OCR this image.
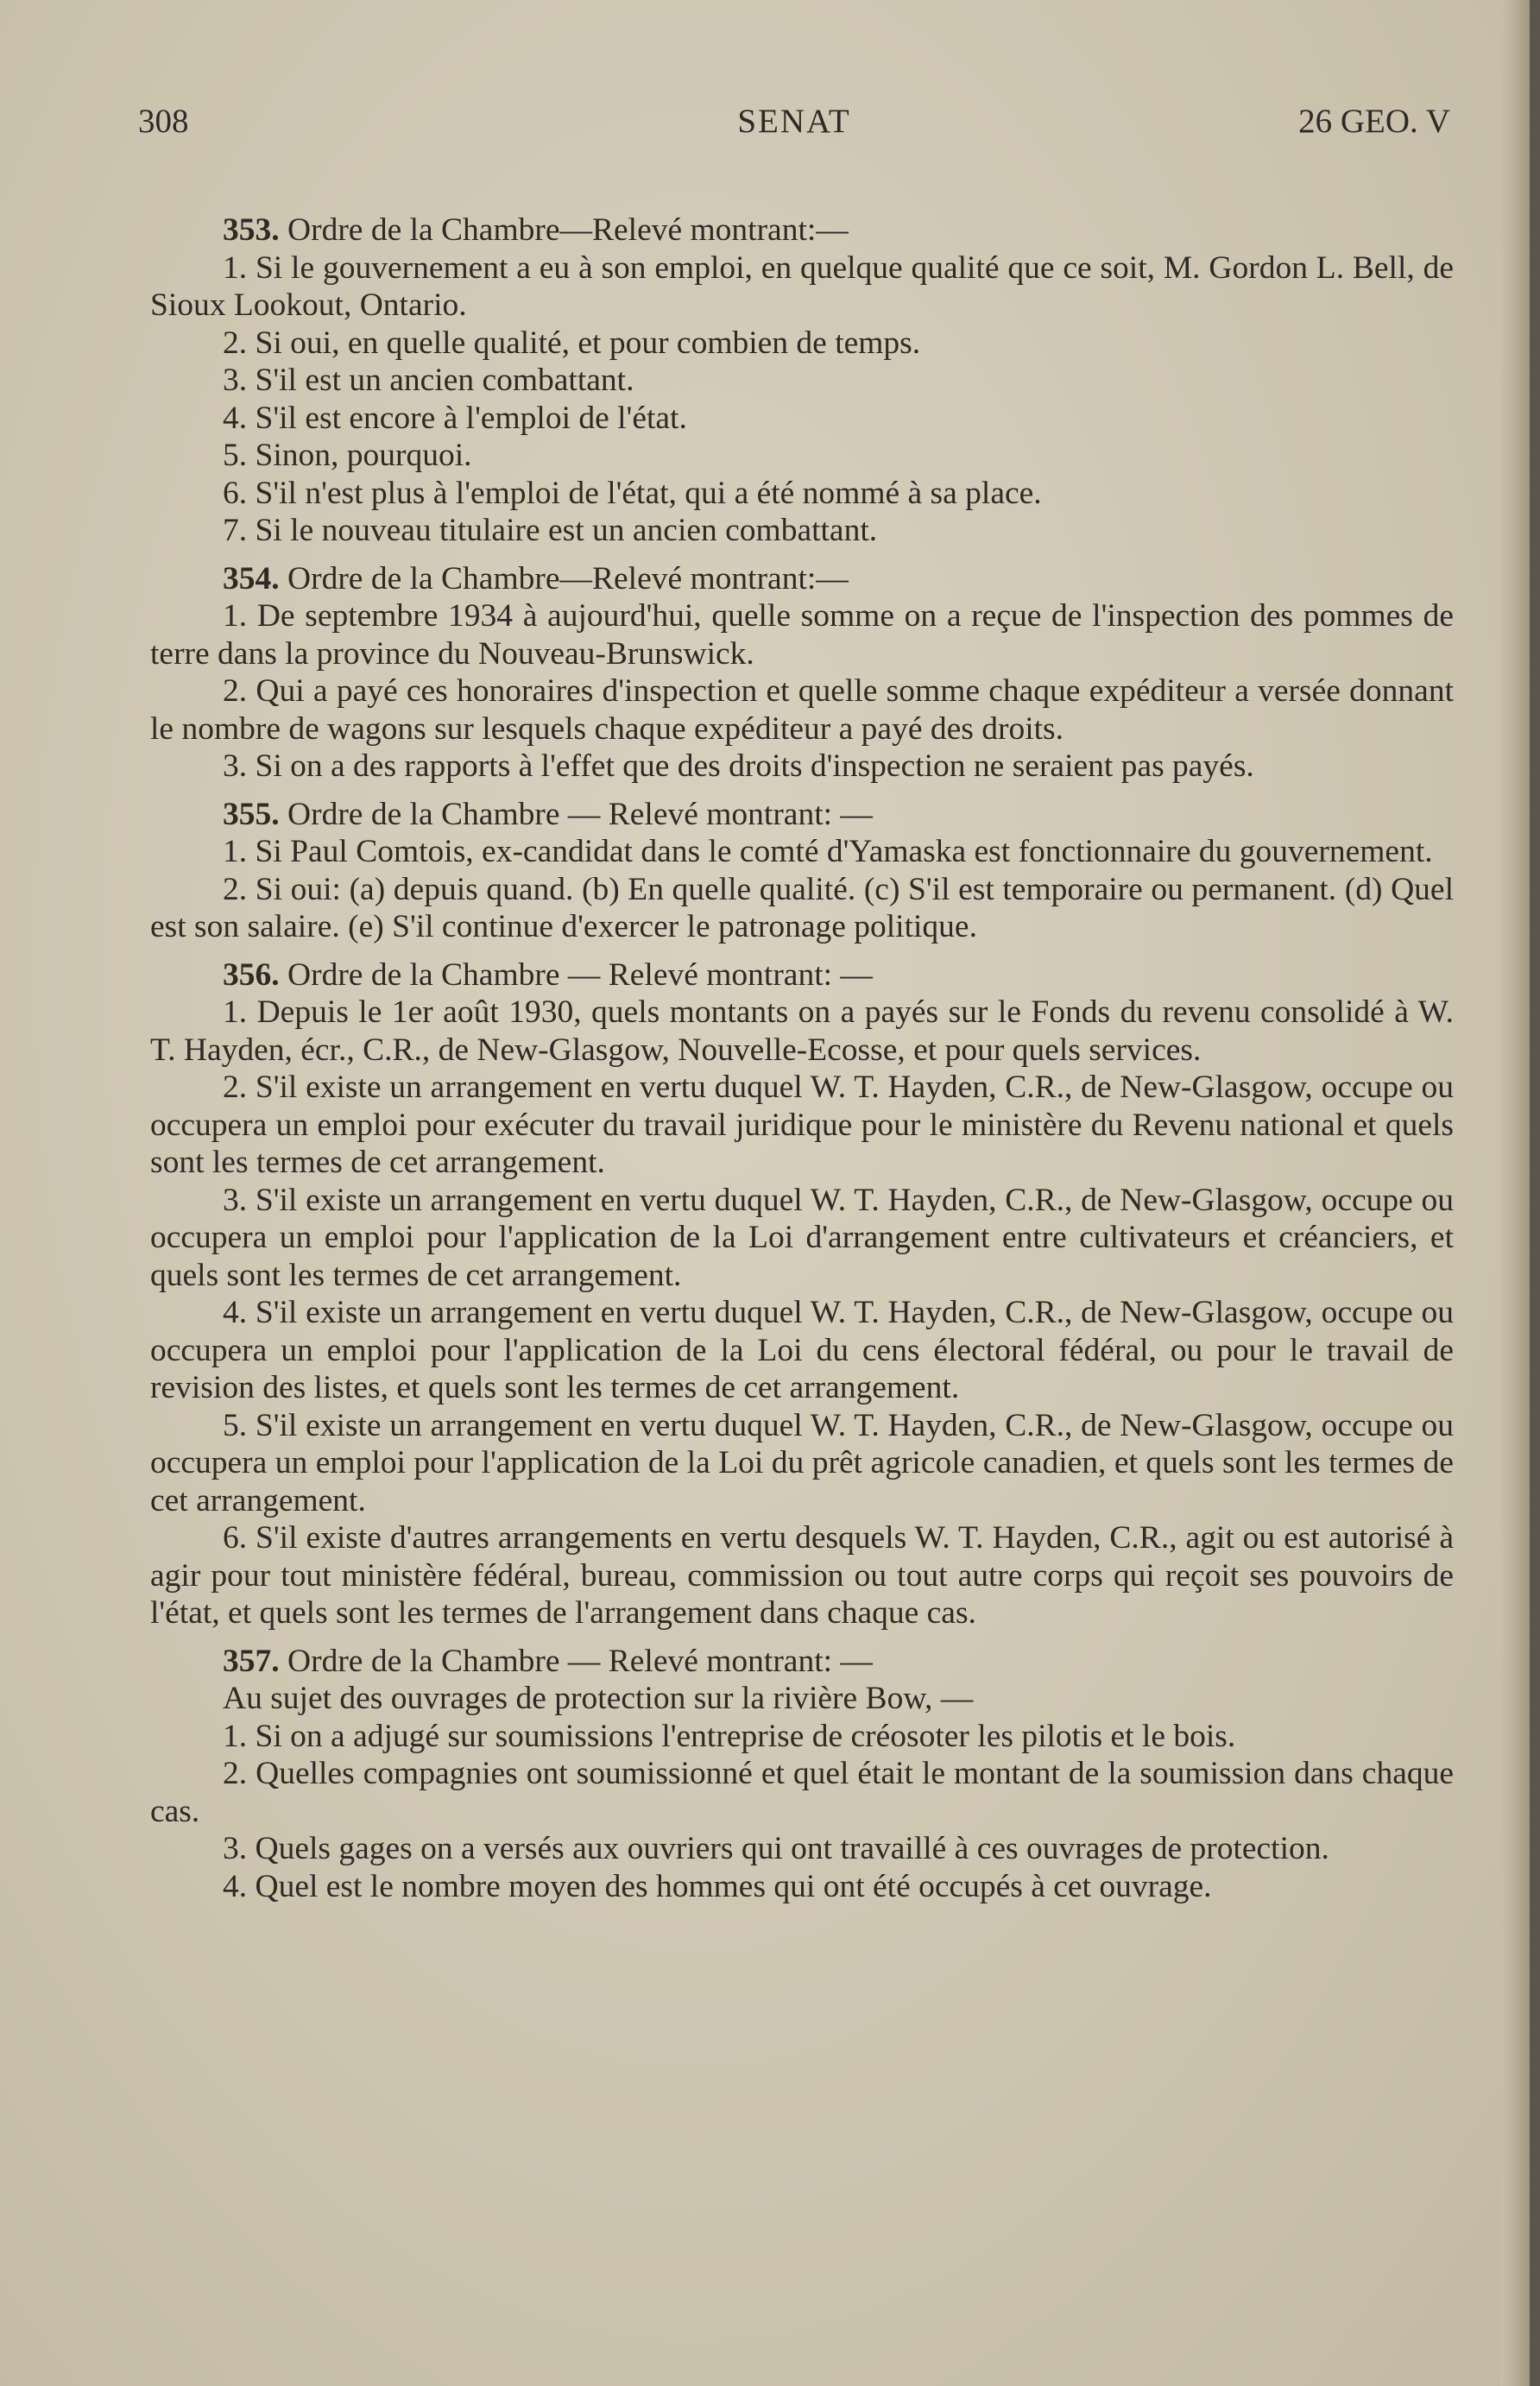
308	SENAT	26 GEO. V

353. Ordre de la Chambre—Relevé montrant:—

1. Si le gouvernement a eu à son emploi, en quelque qualité que ce soit, M. Gordon L. Bell, de Sioux Lookout, Ontario.

2. Si oui, en quelle qualité, et pour combien de temps.

3. S'il est un ancien combattant.

4. S'il est encore à l'emploi de l'état.

5. Sinon, pourquoi.

6. S'il n'est plus à l'emploi de l'état, qui a été nommé à sa place.

7. Si le nouveau titulaire est un ancien combattant.

354. Ordre de la Chambre—Relevé montrant:—

1. De septembre 1934 à aujourd'hui, quelle somme on a reçue de l'inspection des pommes de terre dans la province du Nouveau-Brunswick.

2. Qui a payé ces honoraires d'inspection et quelle somme chaque expéditeur a versée donnant le nombre de wagons sur lesquels chaque expéditeur a payé des droits.

3. Si on a des rapports à l'effet que des droits d'inspection ne seraient pas payés.

355. Ordre de la Chambre — Relevé montrant: —

1. Si Paul Comtois, ex-candidat dans le comté d'Yamaska est fonctionnaire du gouvernement.

2. Si oui: (a) depuis quand. (b) En quelle qualité. (c) S'il est temporaire ou permanent. (d) Quel est son salaire. (e) S'il continue d'exercer le patronage politique.

356. Ordre de la Chambre — Relevé montrant: —

1. Depuis le 1er août 1930, quels montants on a payés sur le Fonds du revenu consolidé à W. T. Hayden, écr., C.R., de New-Glasgow, Nouvelle-Ecosse, et pour quels services.

2. S'il existe un arrangement en vertu duquel W. T. Hayden, C.R., de New-Glasgow, occupe ou occupera un emploi pour exécuter du travail juridique pour le ministère du Revenu national et quels sont les termes de cet arrangement.

3. S'il existe un arrangement en vertu duquel W. T. Hayden, C.R., de New-Glasgow, occupe ou occupera un emploi pour l'application de la Loi d'arrangement entre cultivateurs et créanciers, et quels sont les termes de cet arrangement.

4. S'il existe un arrangement en vertu duquel W. T. Hayden, C.R., de New-Glasgow, occupe ou occupera un emploi pour l'application de la Loi du cens électoral fédéral, ou pour le travail de revision des listes, et quels sont les termes de cet arrangement.

5. S'il existe un arrangement en vertu duquel W. T. Hayden, C.R., de New-Glasgow, occupe ou occupera un emploi pour l'application de la Loi du prêt agricole canadien, et quels sont les termes de cet arrangement.

6. S'il existe d'autres arrangements en vertu desquels W. T. Hayden, C.R., agit ou est autorisé à agir pour tout ministère fédéral, bureau, commission ou tout autre corps qui reçoit ses pouvoirs de l'état, et quels sont les termes de l'arrangement dans chaque cas.

357. Ordre de la Chambre — Relevé montrant: —

Au sujet des ouvrages de protection sur la rivière Bow, —

1. Si on a adjugé sur soumissions l'entreprise de créosoter les pilotis et le bois.

2. Quelles compagnies ont soumissionné et quel était le montant de la soumission dans chaque cas.

3. Quels gages on a versés aux ouvriers qui ont travaillé à ces ouvrages de protection.

4. Quel est le nombre moyen des hommes qui ont été occupés à cet ouvrage.
